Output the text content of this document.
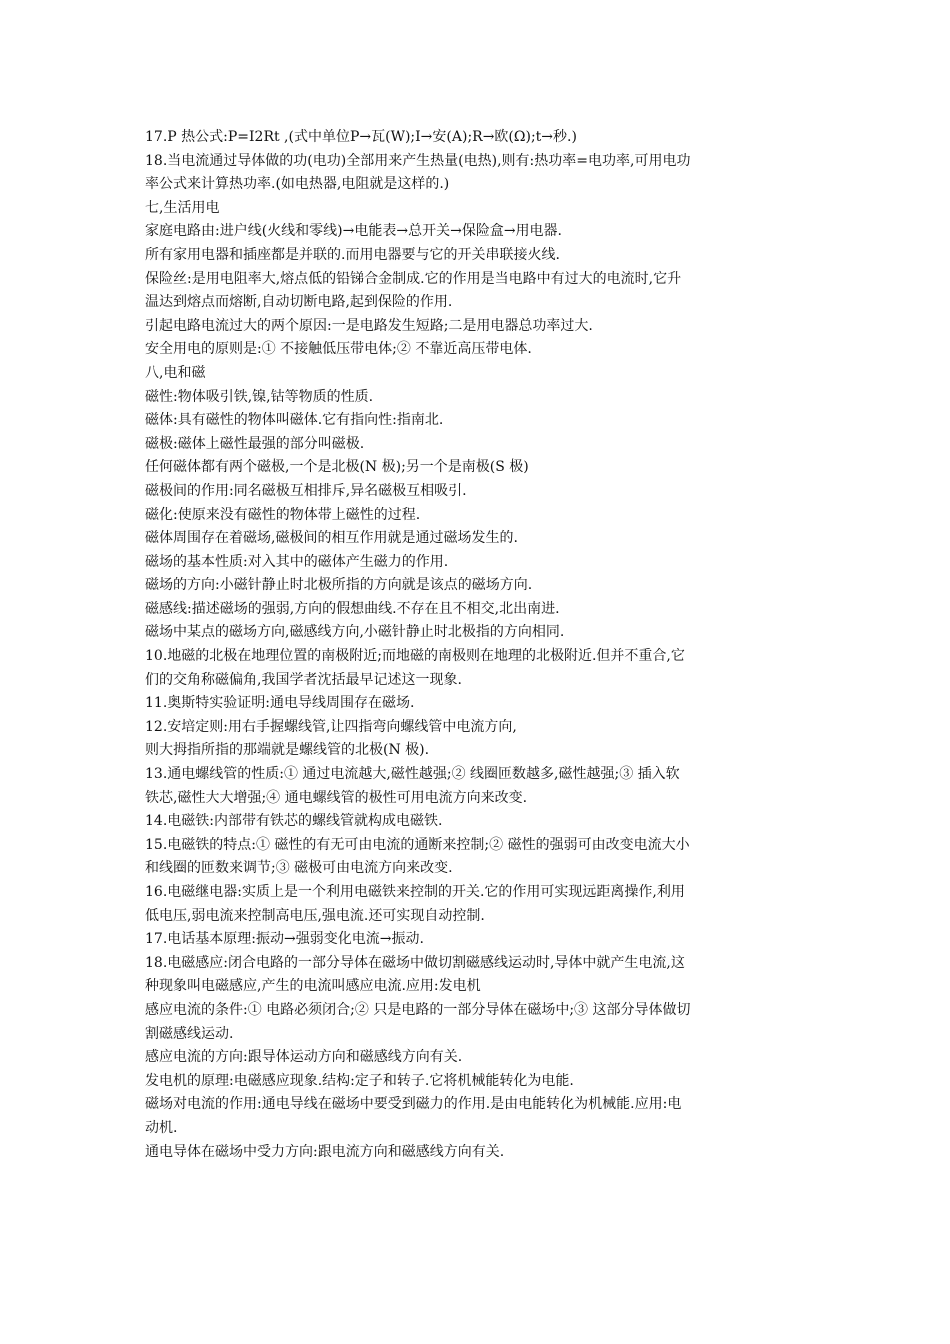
17.P 热公式:P=I2Rt ,(式中单位P→瓦(W);I→安(A);R→欧(Ω);t→秒.)
18.当电流通过导体做的功(电功)全部用来产生热量(电热),则有:热功率=电功率,可用电功
率公式来计算热功率.(如电热器,电阻就是这样的.)
七,生活用电
家庭电路由:进户线(火线和零线)→电能表→总开关→保险盒→用电器.
所有家用电器和插座都是并联的.而用电器要与它的开关串联接火线.
保险丝:是用电阻率大,熔点低的铅锑合金制成.它的作用是当电路中有过大的电流时,它升
温达到熔点而熔断,自动切断电路,起到保险的作用.
引起电路电流过大的两个原因:一是电路发生短路;二是用电器总功率过大.
安全用电的原则是:① 不接触低压带电体;② 不靠近高压带电体.
八,电和磁
磁性:物体吸引铁,镍,钴等物质的性质.
磁体:具有磁性的物体叫磁体.它有指向性:指南北.
磁极:磁体上磁性最强的部分叫磁极.
任何磁体都有两个磁极,一个是北极(N 极);另一个是南极(S 极)
磁极间的作用:同名磁极互相排斥,异名磁极互相吸引.
磁化:使原来没有磁性的物体带上磁性的过程.
磁体周围存在着磁场,磁极间的相互作用就是通过磁场发生的.
磁场的基本性质:对入其中的磁体产生磁力的作用.
磁场的方向:小磁针静止时北极所指的方向就是该点的磁场方向.
磁感线:描述磁场的强弱,方向的假想曲线.不存在且不相交,北出南进.
磁场中某点的磁场方向,磁感线方向,小磁针静止时北极指的方向相同.
10.地磁的北极在地理位置的南极附近;而地磁的南极则在地理的北极附近.但并不重合,它
们的交角称磁偏角,我国学者沈括最早记述这一现象.
11.奥斯特实验证明:通电导线周围存在磁场.
12.安培定则:用右手握螺线管,让四指弯向螺线管中电流方向,
则大拇指所指的那端就是螺线管的北极(N 极).
13.通电螺线管的性质:① 通过电流越大,磁性越强;② 线圈匝数越多,磁性越强;③ 插入软
铁芯,磁性大大增强;④ 通电螺线管的极性可用电流方向来改变.
14.电磁铁:内部带有铁芯的螺线管就构成电磁铁.
15.电磁铁的特点:① 磁性的有无可由电流的通断来控制;② 磁性的强弱可由改变电流大小
和线圈的匝数来调节;③ 磁极可由电流方向来改变.
16.电磁继电器:实质上是一个利用电磁铁来控制的开关.它的作用可实现远距离操作,利用
低电压,弱电流来控制高电压,强电流.还可实现自动控制.
17.电话基本原理:振动→强弱变化电流→振动.
18.电磁感应:闭合电路的一部分导体在磁场中做切割磁感线运动时,导体中就产生电流,这
种现象叫电磁感应,产生的电流叫感应电流.应用:发电机
感应电流的条件:① 电路必须闭合;② 只是电路的一部分导体在磁场中;③ 这部分导体做切
割磁感线运动.
感应电流的方向:跟导体运动方向和磁感线方向有关.
发电机的原理:电磁感应现象.结构:定子和转子.它将机械能转化为电能.
磁场对电流的作用:通电导线在磁场中要受到磁力的作用.是由电能转化为机械能.应用:电
动机.
通电导体在磁场中受力方向:跟电流方向和磁感线方向有关.
